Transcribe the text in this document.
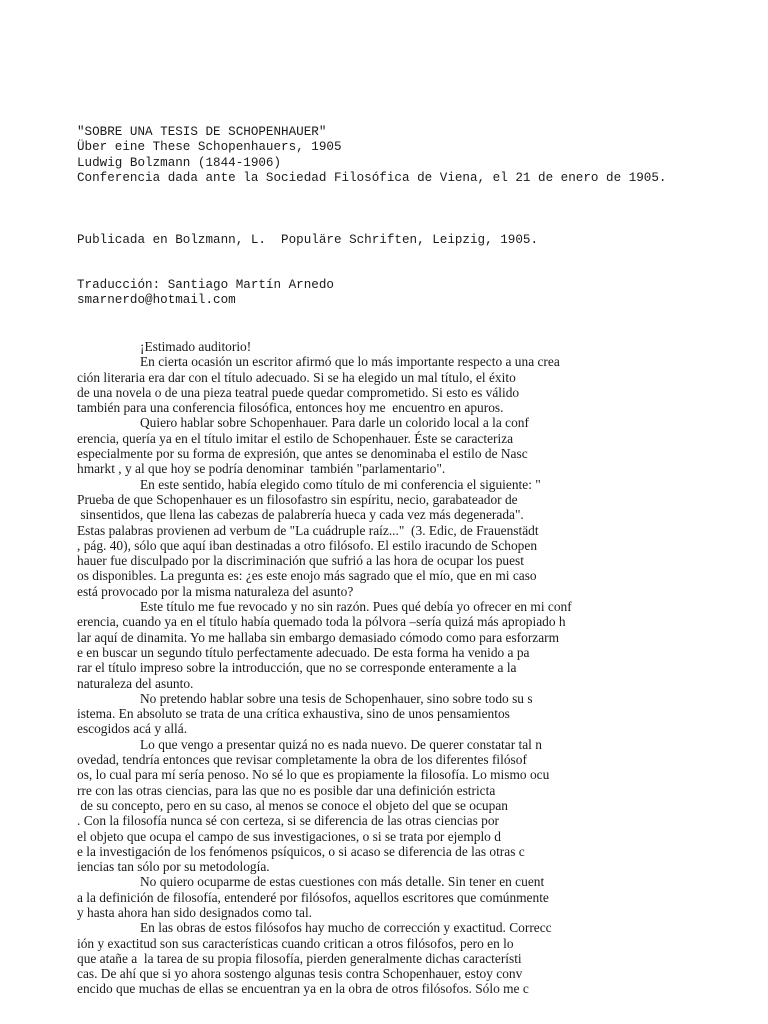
"SOBRE UNA TESIS DE SCHOPENHAUER"
Über eine These Schopenhauers, 1905
Ludwig Bolzmann (1844-1906)
Conferencia dada ante la Sociedad Filosófica de Viena, el 21 de enero de 1905.
Publicada en Bolzmann, L.  Populäre Schriften, Leipzig, 1905.
Traducción: Santiago Martín Arnedo
smarnerdo@hotmail.com
¡Estimado auditorio!
En cierta ocasión un escritor afirmó que lo más importante respecto a una crea
ción literaria era dar con el título adecuado. Si se ha elegido un mal título, el éxito
de una novela o de una pieza teatral puede quedar comprometido. Si esto es válido
también para una conferencia filosófica, entonces hoy me  encuentro en apuros.
Quiero hablar sobre Schopenhauer. Para darle un colorido local a la conf
erencia, quería ya en el título imitar el estilo de Schopenhauer. Éste se caracteriza
especialmente por su forma de expresión, que antes se denominaba el estilo de Nasc
hmarkt , y al que hoy se podría denominar  también "parlamentario".
En este sentido, había elegido como título de mi conferencia el siguiente: "
Prueba de que Schopenhauer es un filosofastro sin espíritu, necio, garabateador de
sinsentidos, que llena las cabezas de palabrería hueca y cada vez más degenerada".
Estas palabras provienen ad verbum de "La cuádruple raíz..."  (3. Edic, de Frauenstädt
, pág. 40), sólo que aquí iban destinadas a otro filósofo. El estilo iracundo de Schopen
hauer fue disculpado por la discriminación que sufrió a las hora de ocupar los puest
os disponibles. La pregunta es: ¿es este enojo más sagrado que el mío, que en mi caso
está provocado por la misma naturaleza del asunto?
Este título me fue revocado y no sin razón. Pues qué debía yo ofrecer en mi conf
erencia, cuando ya en el título había quemado toda la pólvora –sería quizá más apropiado h
lar aquí de dinamita. Yo me hallaba sin embargo demasiado cómodo como para esforzarm
e en buscar un segundo título perfectamente adecuado. De esta forma ha venido a pa
rar el título impreso sobre la introducción, que no se corresponde enteramente a la
naturaleza del asunto.
No pretendo hablar sobre una tesis de Schopenhauer, sino sobre todo su s
istema. En absoluto se trata de una crítica exhaustiva, sino de unos pensamientos
escogidos acá y allá.
Lo que vengo a presentar quizá no es nada nuevo. De querer constatar tal n
ovedad, tendría entonces que revisar completamente la obra de los diferentes filósof
os, lo cual para mí sería penoso. No sé lo que es propiamente la filosofía. Lo mismo ocu
rre con las otras ciencias, para las que no es posible dar una definición estricta
de su concepto, pero en su caso, al menos se conoce el objeto del que se ocupan
. Con la filosofía nunca sé con certeza, si se diferencia de las otras ciencias por
el objeto que ocupa el campo de sus investigaciones, o si se trata por ejemplo d
e la investigación de los fenómenos psíquicos, o si acaso se diferencia de las otras c
iencias tan sólo por su metodología.
No quiero ocuparme de estas cuestiones con más detalle. Sin tener en cuent
a la definición de filosofía, entenderé por filósofos, aquellos escritores que comúnmente
y hasta ahora han sido designados como tal.
En las obras de estos filósofos hay mucho de corrección y exactitud. Correcc
ión y exactitud son sus características cuando critican a otros filósofos, pero en lo
que atañe a  la tarea de su propia filosofía, pierden generalmente dichas característi
cas. De ahí que si yo ahora sostengo algunas tesis contra Schopenhauer, estoy conv
encido que muchas de ellas se encuentran ya en la obra de otros filósofos. Sólo me c
